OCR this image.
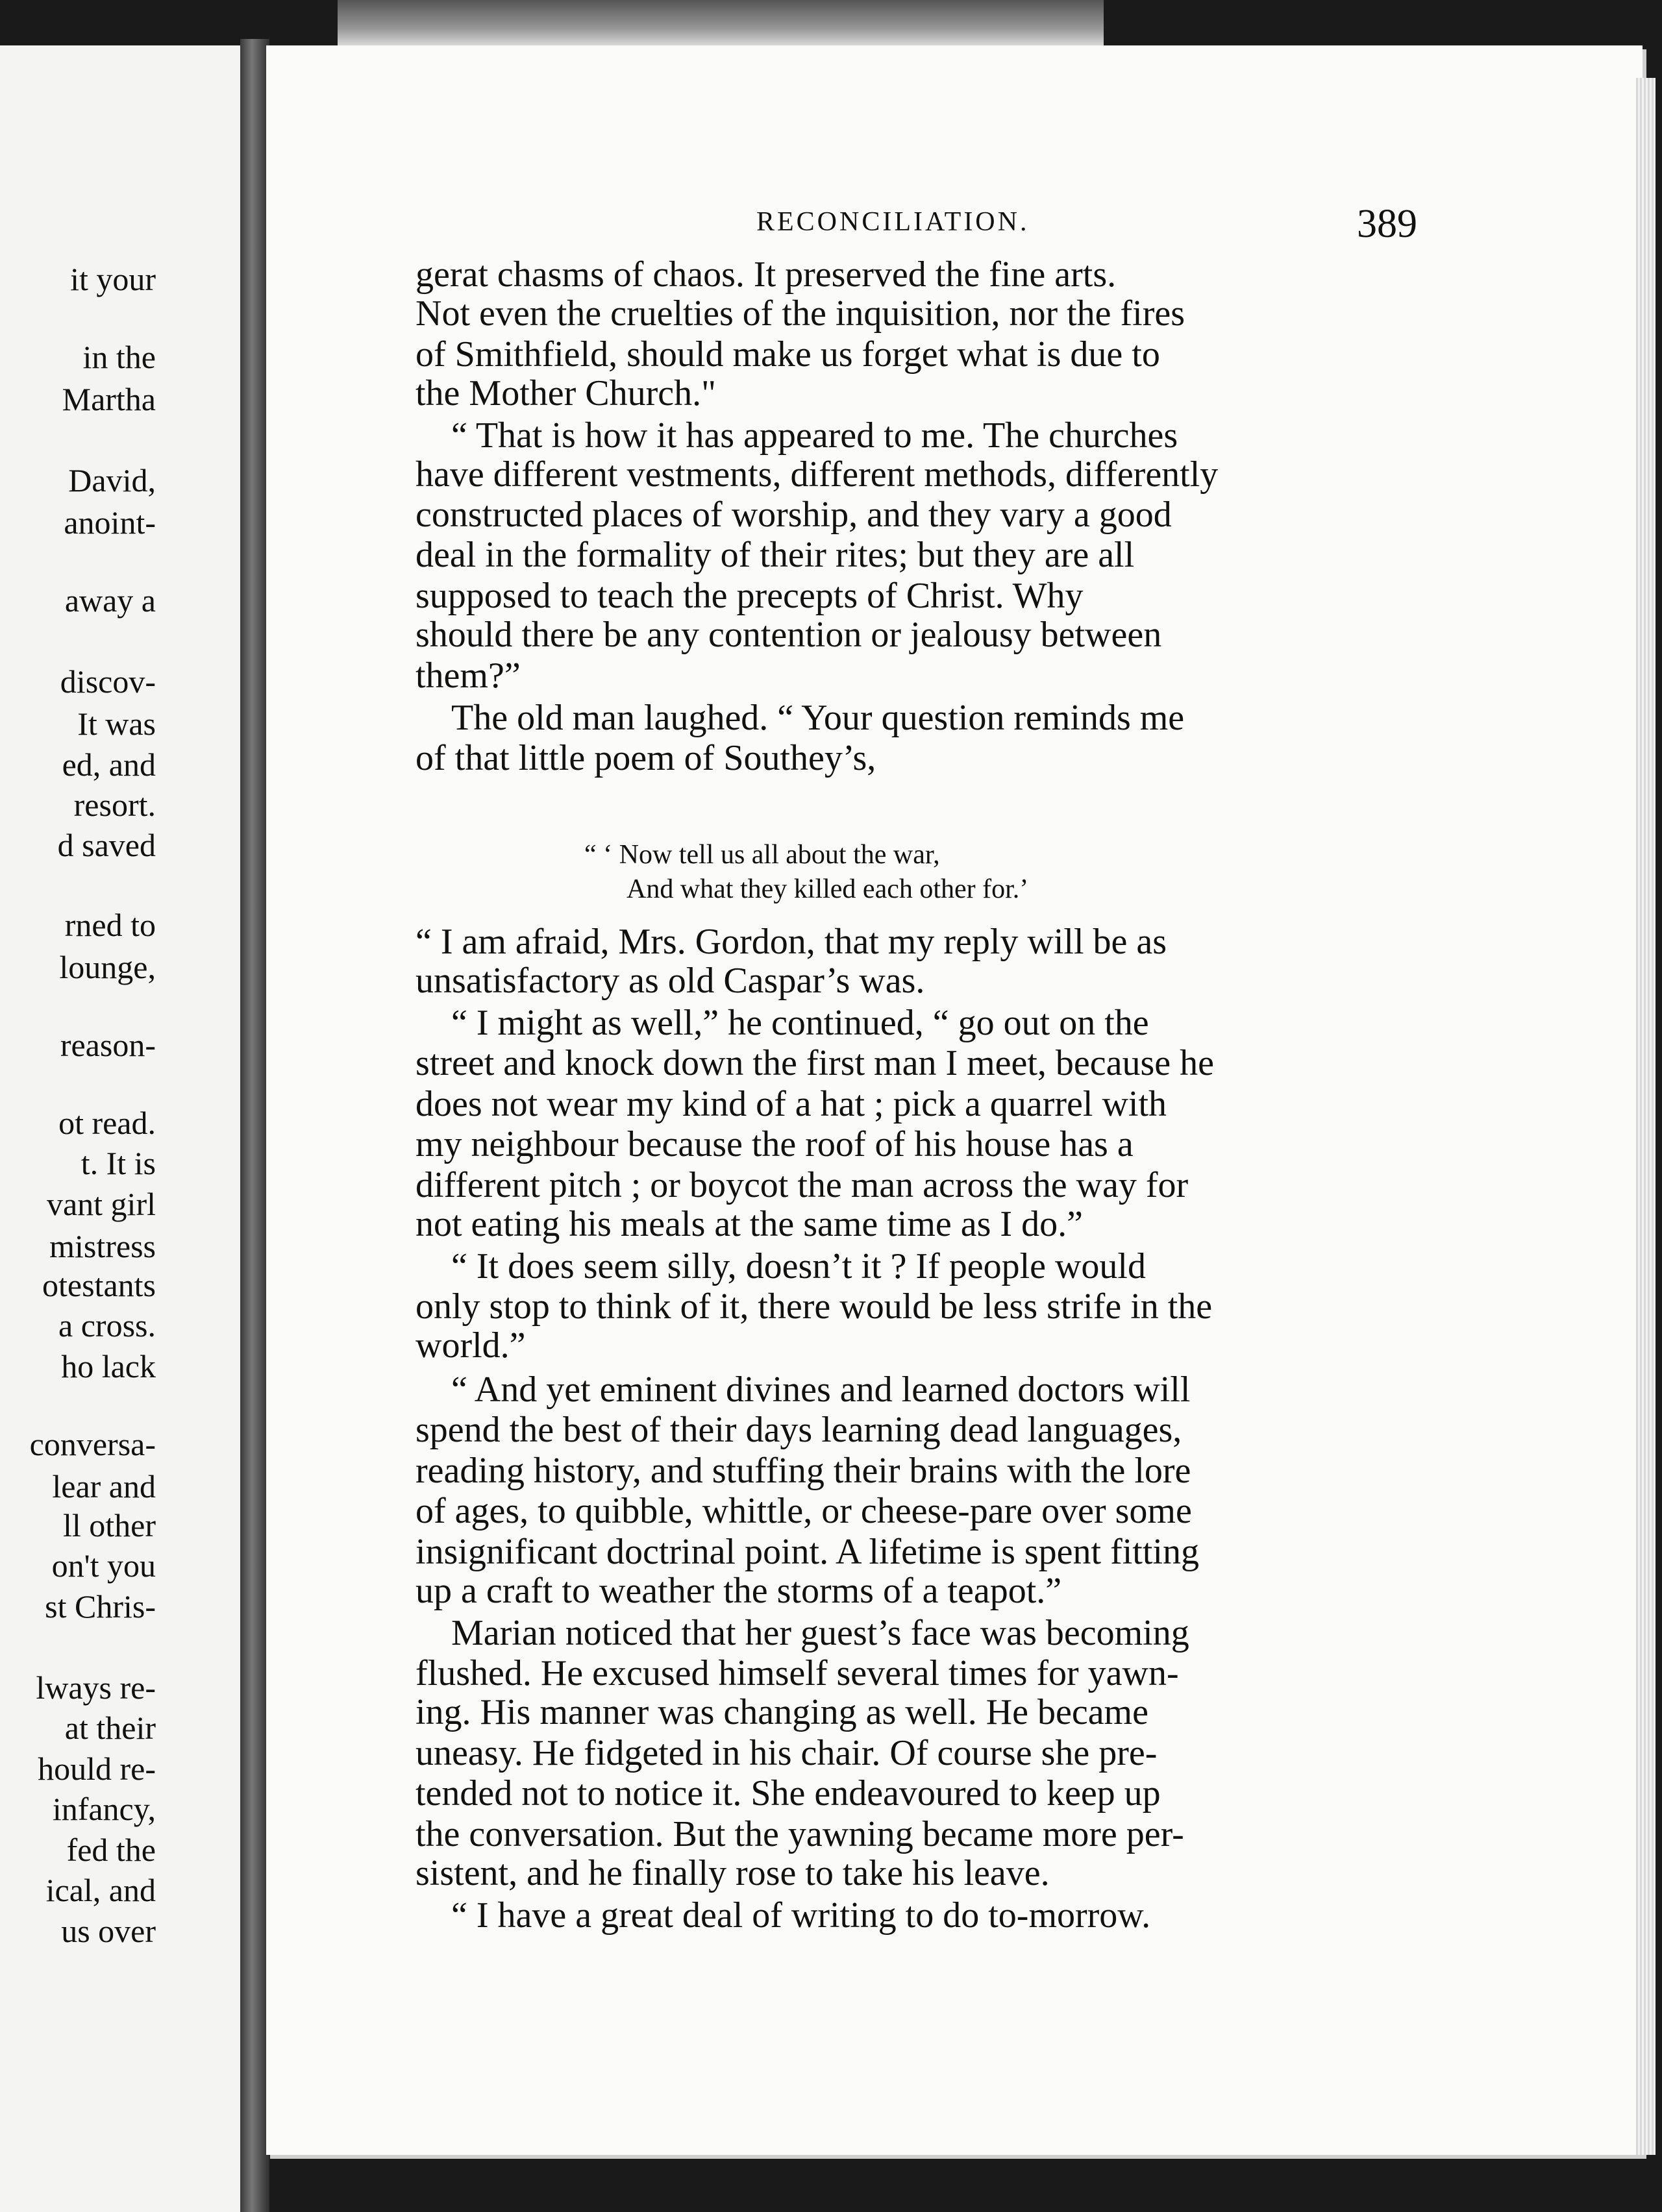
it your
in the
Martha
David,
anoint-
away a
discov-
It was
ed, and
resort.
d saved
rned to
lounge,
reason-
ot read.
t. It is
vant girl
mistress
otestants
a cross.
ho lack
conversa-
lear and
ll other
on't you
st Chris-
lways re-
at their
hould re-
infancy,
fed the
ical, and
us over
RECONCILIATION.	389
gerat chasms of chaos. It preserved the fine arts.
Not even the cruelties of the inquisition, nor the fires
of Smithfield, should make us forget what is due to
the Mother Church."
“ That is how it has appeared to me. The churches
have different vestments, different methods, differently
constructed places of worship, and they vary a good
deal in the formality of their rites; but they are all
supposed to teach the precepts of Christ. Why
should there be any contention or jealousy between
them?”
The old man laughed. “ Your question reminds me
of that little poem of Southey’s,
“ I am afraid, Mrs. Gordon, that my reply will be as
unsatisfactory as old Caspar’s was.
“ I might as well,” he continued, “ go out on the
street and knock down the first man I meet, because he
does not wear my kind of a hat ; pick a quarrel with
my neighbour because the roof of his house has a
different pitch ; or boycot the man across the way for
not eating his meals at the same time as I do.”
“ It does seem silly, doesn’t it ? If people would
only stop to think of it, there would be less strife in the
world.”
“ And yet eminent divines and learned doctors will
spend the best of their days learning dead languages,
reading history, and stuffing their brains with the lore
of ages, to quibble, whittle, or cheese-pare over some
insignificant doctrinal point. A lifetime is spent fitting
up a craft to weather the storms of a teapot.”
Marian noticed that her guest’s face was becoming
flushed. He excused himself several times for yawn-
ing. His manner was changing as well. He became
uneasy. He fidgeted in his chair. Of course she pre-
tended not to notice it. She endeavoured to keep up
the conversation. But the yawning became more per-
sistent, and he finally rose to take his leave.
“ I have a great deal of writing to do to-morrow.
“ ‘ Now tell us all about the war,
And what they killed each other for.’
